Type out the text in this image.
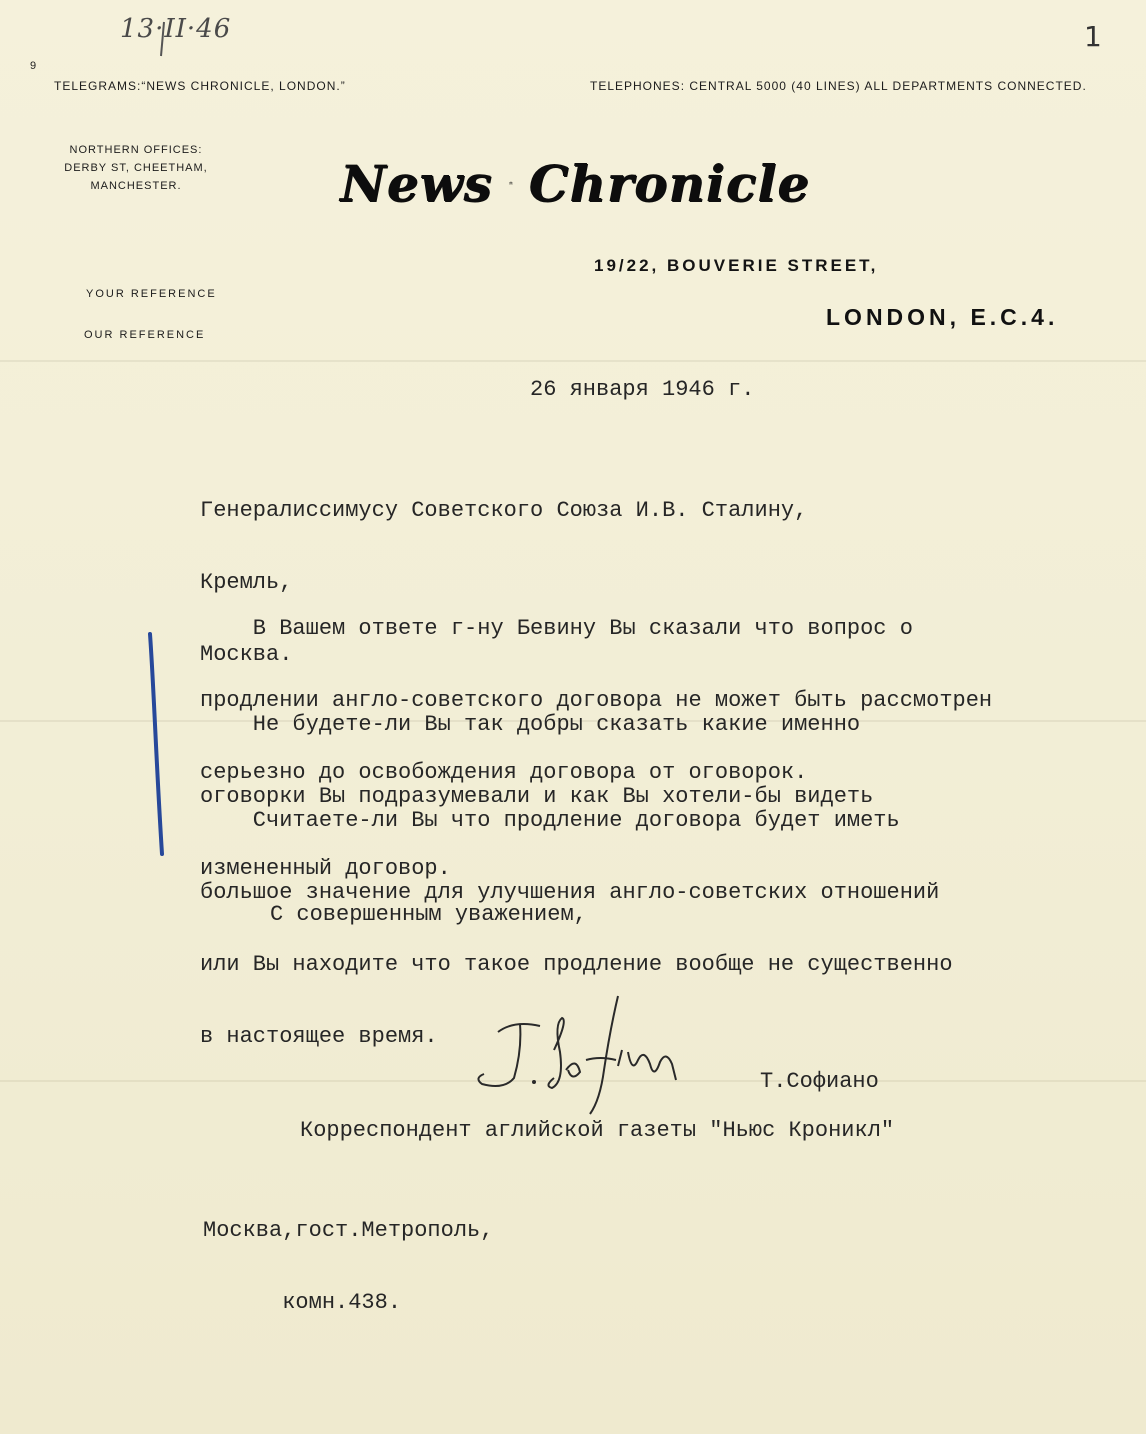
13·II·46	1
9
TELEGRAMS:“NEWS CHRONICLE, LONDON.”	TELEPHONES: CENTRAL 5000 (40 LINES) ALL DEPARTMENTS CONNECTED.
NORTHERN OFFICES:
DERBY ST, CHEETHAM,
MANCHESTER.	News Chronicle
19/22, BOUVERIE STREET,
LONDON, E.C.4.
YOUR REFERENCE
OUR REFERENCE
26 января 1946 г.

Генералиссимусу Советского Союза И.В. Сталину,

Кремль,

Москва.

В Вашем ответе г-ну Бевину Вы сказали что вопрос о

продлении англо-советского договора не может быть рассмотрен

серьезно до освобождения договора от оговорок.

Не будете-ли Вы так добры сказать какие именно

оговорки Вы подразумевали и как Вы хотели-бы видеть

измененный договор.

Считаете-ли Вы что продление договора будет иметь

большое значение для улучшения англо-советских отношений

или Вы находите что такое продление вообще не существенно

в настоящее время.

С совершенным уважением,
Т.Софиано
Корреспондент аглийской газеты "Ньюс Кроникл"

Москва,гост.Метрополь,

комн.438.
